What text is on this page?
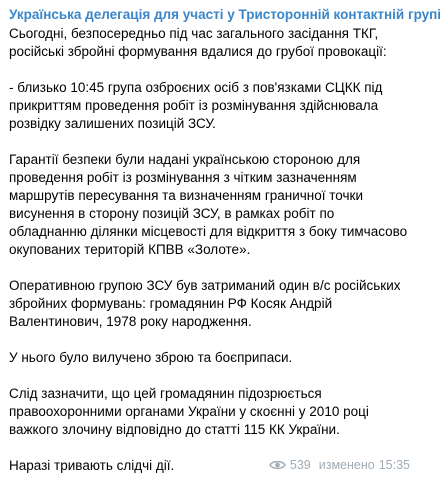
Українська делегація для участі у Тристоронній контактній групі

Сьогодні, безпосередньо під час загального засідання ТКГ,
російські збройні формування вдалися до грубої провокації:

- близько 10:45 група озброєних осіб з пов'язками СЦКК під
прикриттям проведення робіт із розмінування здійснювала
розвідку залишених позицій ЗСУ.

Гарантії безпеки були надані українською стороною для
проведення робіт із розмінування з чітким зазначенням
маршрутів пересування та визначенням граничної точки
висунення в сторону позицій ЗСУ, в рамках робіт по
обладнанню ділянки місцевості для відкриття з боку тимчасово
окупованих територій КПВВ «Золоте».

Оперативною групою ЗСУ був затриманий один в/с російських
збройних формувань: громадянин РФ Косяк Андрій
Валентинович, 1978 року народження.

У нього було вилучено зброю та боєприпаси.

Слід зазначити, що цей громадянин підозрюється
правоохоронними органами України у скоєнні у 2010 році
важкого злочину відповідно до статті 115 КК України.

Наразі тривають слідчі дії.	539 изменено 15:35
